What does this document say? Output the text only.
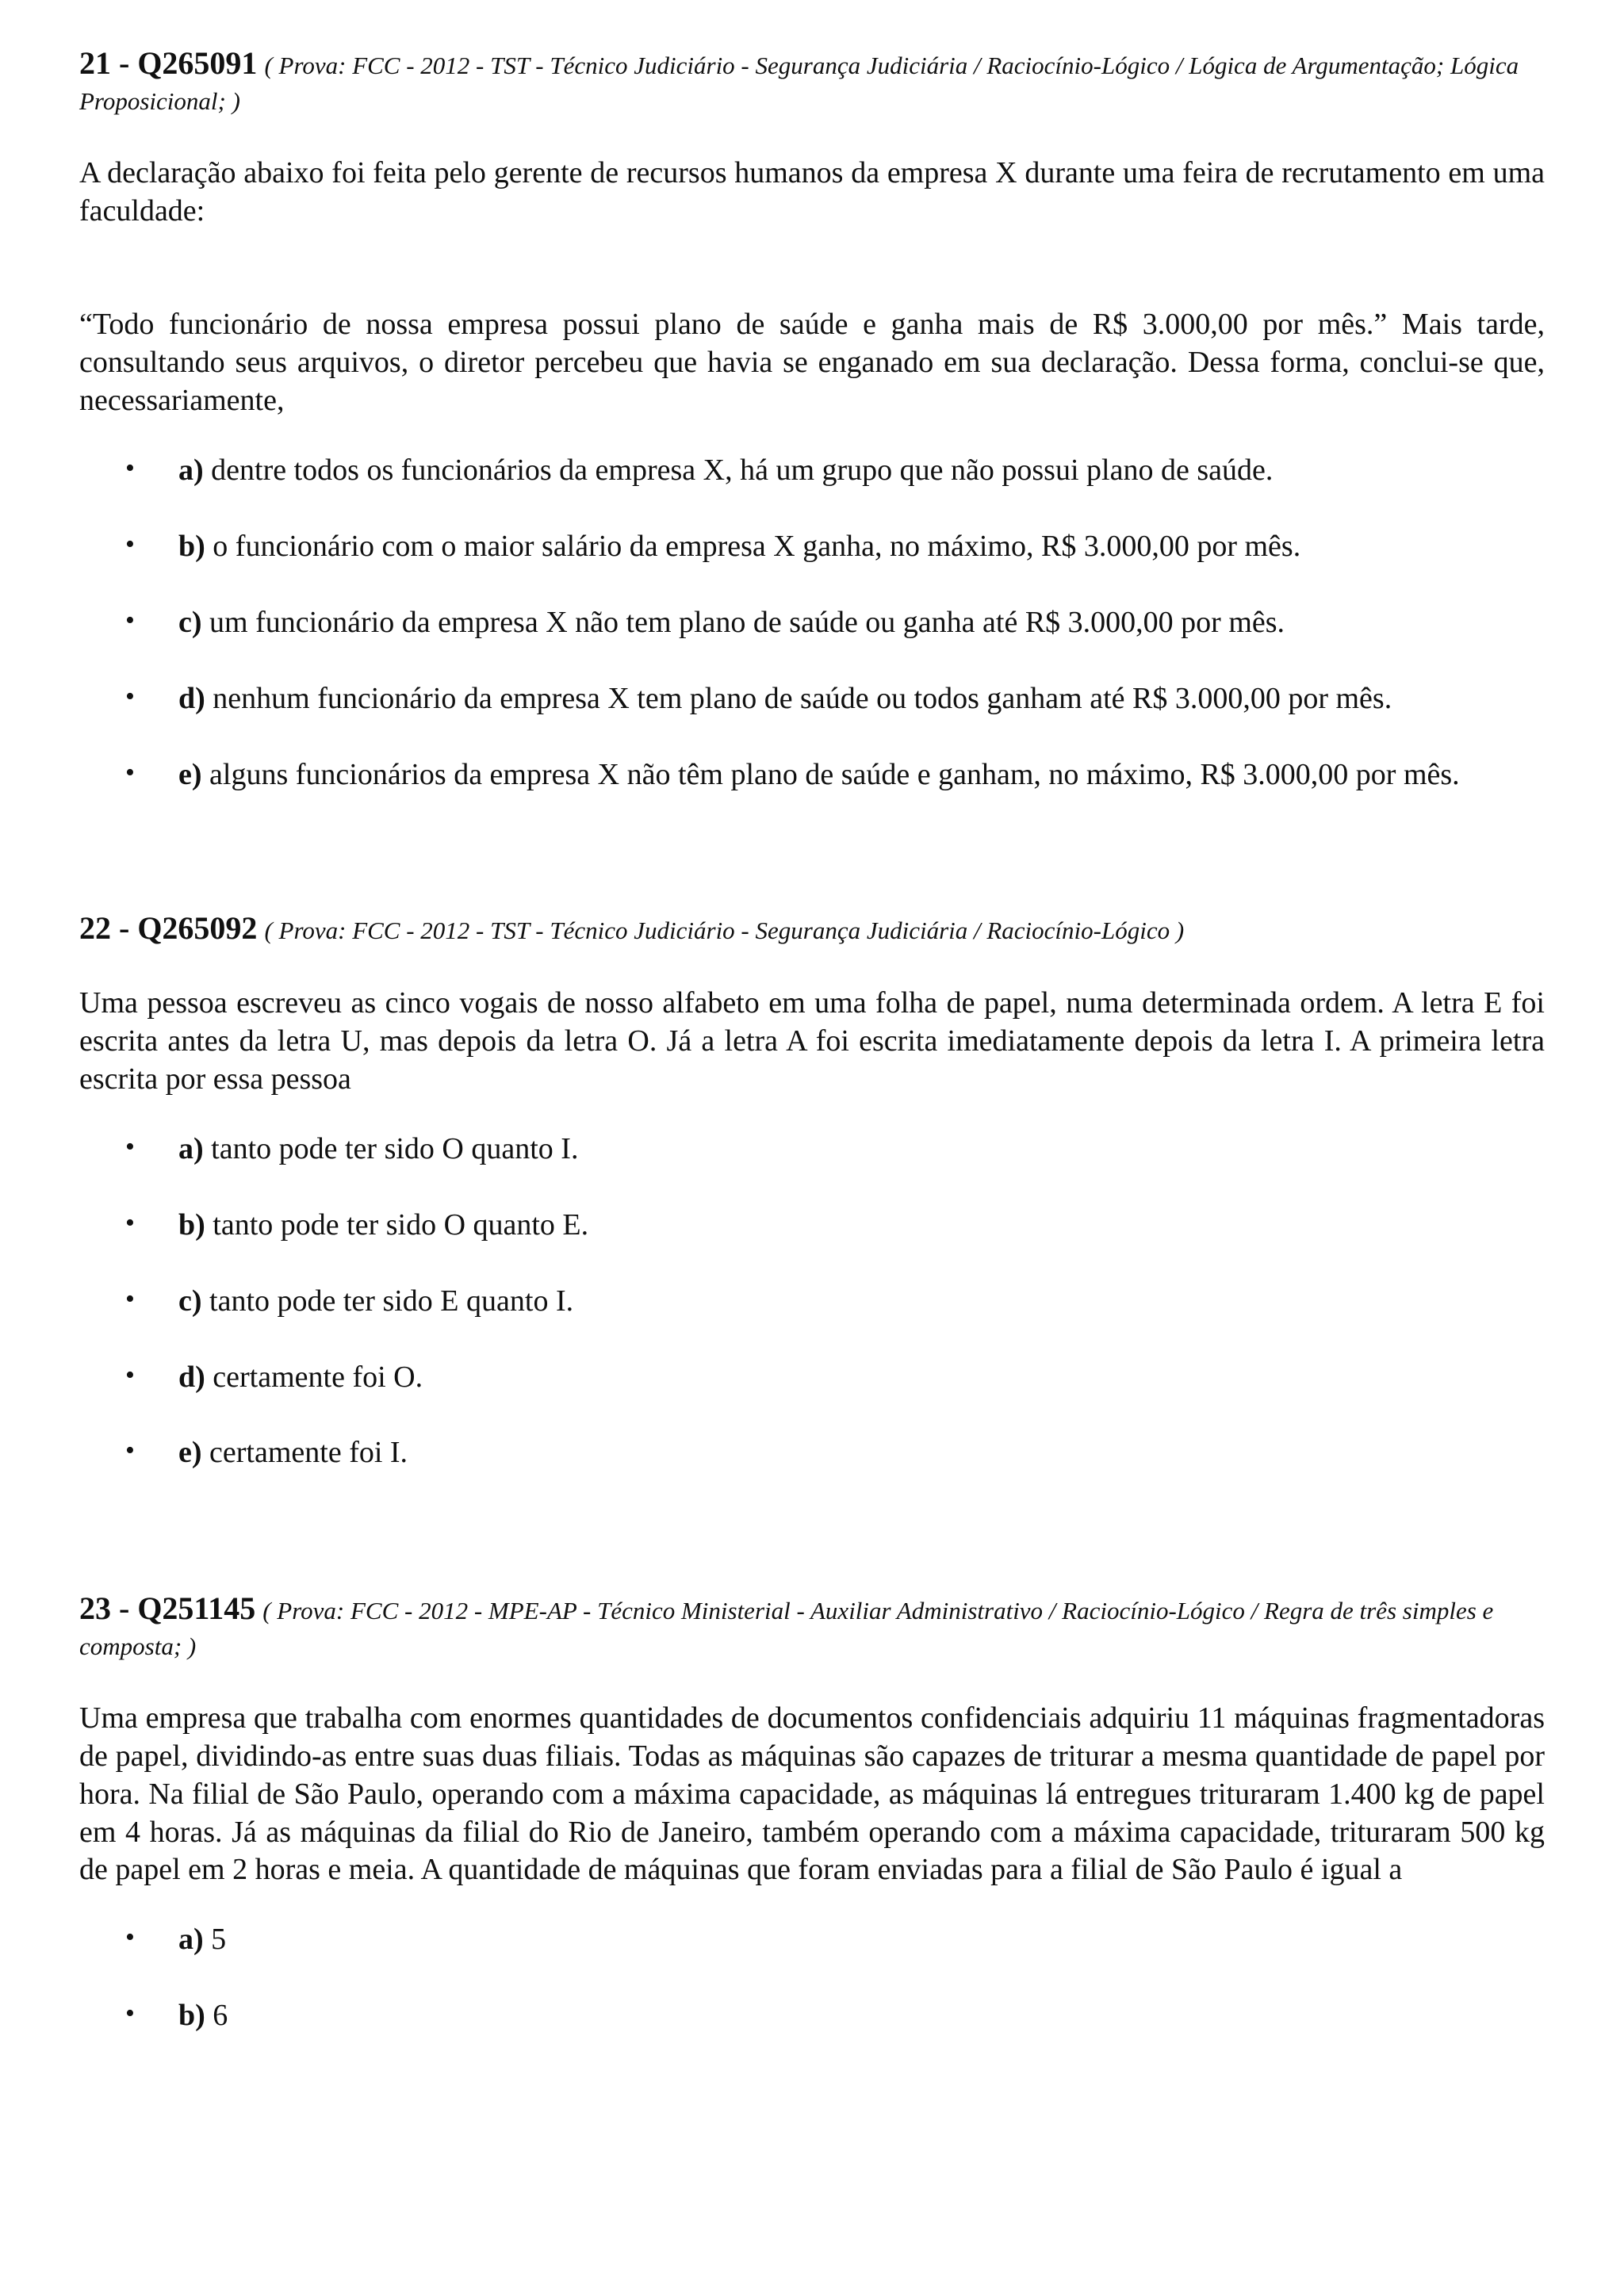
21 - Q265091 ( Prova: FCC - 2012 - TST - Técnico Judiciário - Segurança Judiciária / Raciocínio-Lógico / Lógica de Argumentação; Lógica Proposicional; )

A declaração abaixo foi feita pelo gerente de recursos humanos da empresa X durante uma feira de recrutamento em uma faculdade:

“Todo funcionário de nossa empresa possui plano de saúde e ganha mais de R$ 3.000,00 por mês.” Mais tarde, consultando seus arquivos, o diretor percebeu que havia se enganado em sua declaração. Dessa forma, conclui-se que, necessariamente,

• a) dentre todos os funcionários da empresa X, há um grupo que não possui plano de saúde.
• b) o funcionário com o maior salário da empresa X ganha, no máximo, R$ 3.000,00 por mês.
• c) um funcionário da empresa X não tem plano de saúde ou ganha até R$ 3.000,00 por mês.
• d) nenhum funcionário da empresa X tem plano de saúde ou todos ganham até R$ 3.000,00 por mês.
• e) alguns funcionários da empresa X não têm plano de saúde e ganham, no máximo, R$ 3.000,00 por mês.
22 - Q265092 ( Prova: FCC - 2012 - TST - Técnico Judiciário - Segurança Judiciária / Raciocínio-Lógico )

Uma pessoa escreveu as cinco vogais de nosso alfabeto em uma folha de papel, numa determinada ordem. A letra E foi escrita antes da letra U, mas depois da letra O. Já a letra A foi escrita imediatamente depois da letra I. A primeira letra escrita por essa pessoa

• a) tanto pode ter sido O quanto I.
• b) tanto pode ter sido O quanto E.
• c) tanto pode ter sido E quanto I.
• d) certamente foi O.
• e) certamente foi I.
23 - Q251145 ( Prova: FCC - 2012 - MPE-AP - Técnico Ministerial - Auxiliar Administrativo / Raciocínio-Lógico / Regra de três simples e composta; )

Uma empresa que trabalha com enormes quantidades de documentos confidenciais adquiriu 11 máquinas fragmentadoras de papel, dividindo-as entre suas duas filiais. Todas as máquinas são capazes de triturar a mesma quantidade de papel por hora. Na filial de São Paulo, operando com a máxima capacidade, as máquinas lá entregues trituraram 1.400 kg de papel em 4 horas. Já as máquinas da filial do Rio de Janeiro, também operando com a máxima capacidade, trituraram 500 kg de papel em 2 horas e meia. A quantidade de máquinas que foram enviadas para a filial de São Paulo é igual a

• a) 5
• b) 6
